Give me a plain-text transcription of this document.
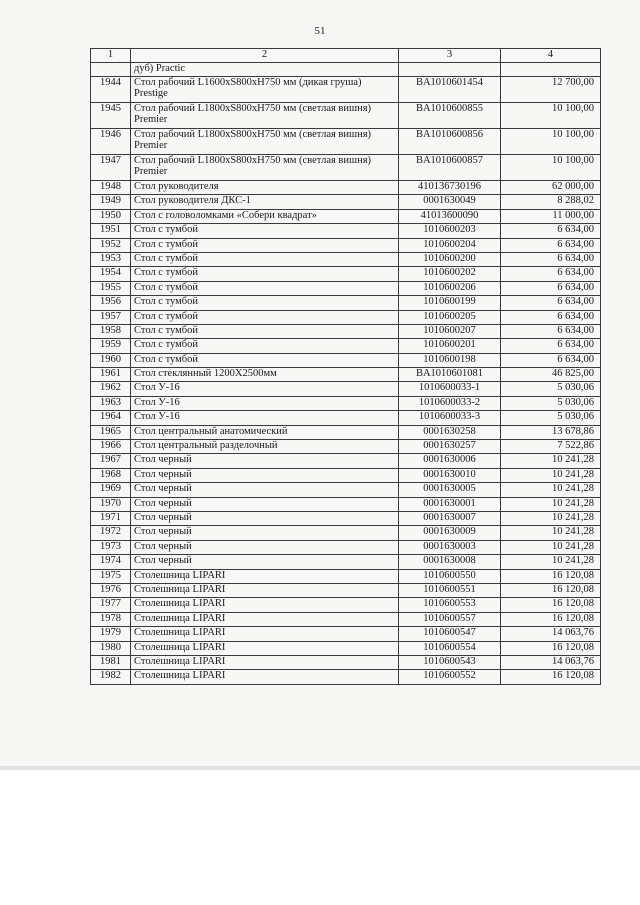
51
1	2	3	4
	дуб) Practic		
1944	Стол рабочий L1600xS800xH750 мм (дикая груша) Prestige	BA1010601454	12 700,00
1945	Стол рабочий L1800xS800xH750 мм (светлая вишня) Premier	BA1010600855	10 100,00
1946	Стол рабочий L1800xS800xH750 мм (светлая вишня) Premier	BA1010600856	10 100,00
1947	Стол рабочий L1800xS800xH750 мм (светлая вишня) Premier	BA1010600857	10 100,00
1948	Стол руководителя	410136730196	62 000,00
1949	Стол руководителя ДКС-1	0001630049	8 288,02
1950	Стол с головоломками «Собери квадрат»	41013600090	11 000,00
1951	Стол с тумбой	1010600203	6 634,00
1952	Стол с тумбой	1010600204	6 634,00
1953	Стол с тумбой	1010600200	6 634,00
1954	Стол с тумбой	1010600202	6 634,00
1955	Стол с тумбой	1010600206	6 634,00
1956	Стол с тумбой	1010600199	6 634,00
1957	Стол с тумбой	1010600205	6 634,00
1958	Стол с тумбой	1010600207	6 634,00
1959	Стол с тумбой	1010600201	6 634,00
1960	Стол с тумбой	1010600198	6 634,00
1961	Стол стеклянный 1200X2500мм	BA1010601081	46 825,00
1962	Стол У-16	1010600033-1	5 030,06
1963	Стол У-16	1010600033-2	5 030,06
1964	Стол У-16	1010600033-3	5 030,06
1965	Стол центральный анатомический	0001630258	13 678,86
1966	Стол центральный разделочный	0001630257	7 522,86
1967	Стол черный	0001630006	10 241,28
1968	Стол черный	0001630010	10 241,28
1969	Стол черный	0001630005	10 241,28
1970	Стол черный	0001630001	10 241,28
1971	Стол черный	0001630007	10 241,28
1972	Стол черный	0001630009	10 241,28
1973	Стол черный	0001630003	10 241,28
1974	Стол черный	0001630008	10 241,28
1975	Столешница LIPARI	1010600550	16 120,08
1976	Столешница LIPARI	1010600551	16 120,08
1977	Столешница LIPARI	1010600553	16 120,08
1978	Столешница LIPARI	1010600557	16 120,08
1979	Столешница LIPARI	1010600547	14 063,76
1980	Столешница LIPARI	1010600554	16 120,08
1981	Столешница LIPARI	1010600543	14 063,76
1982	Столешница LIPARI	1010600552	16 120,08
